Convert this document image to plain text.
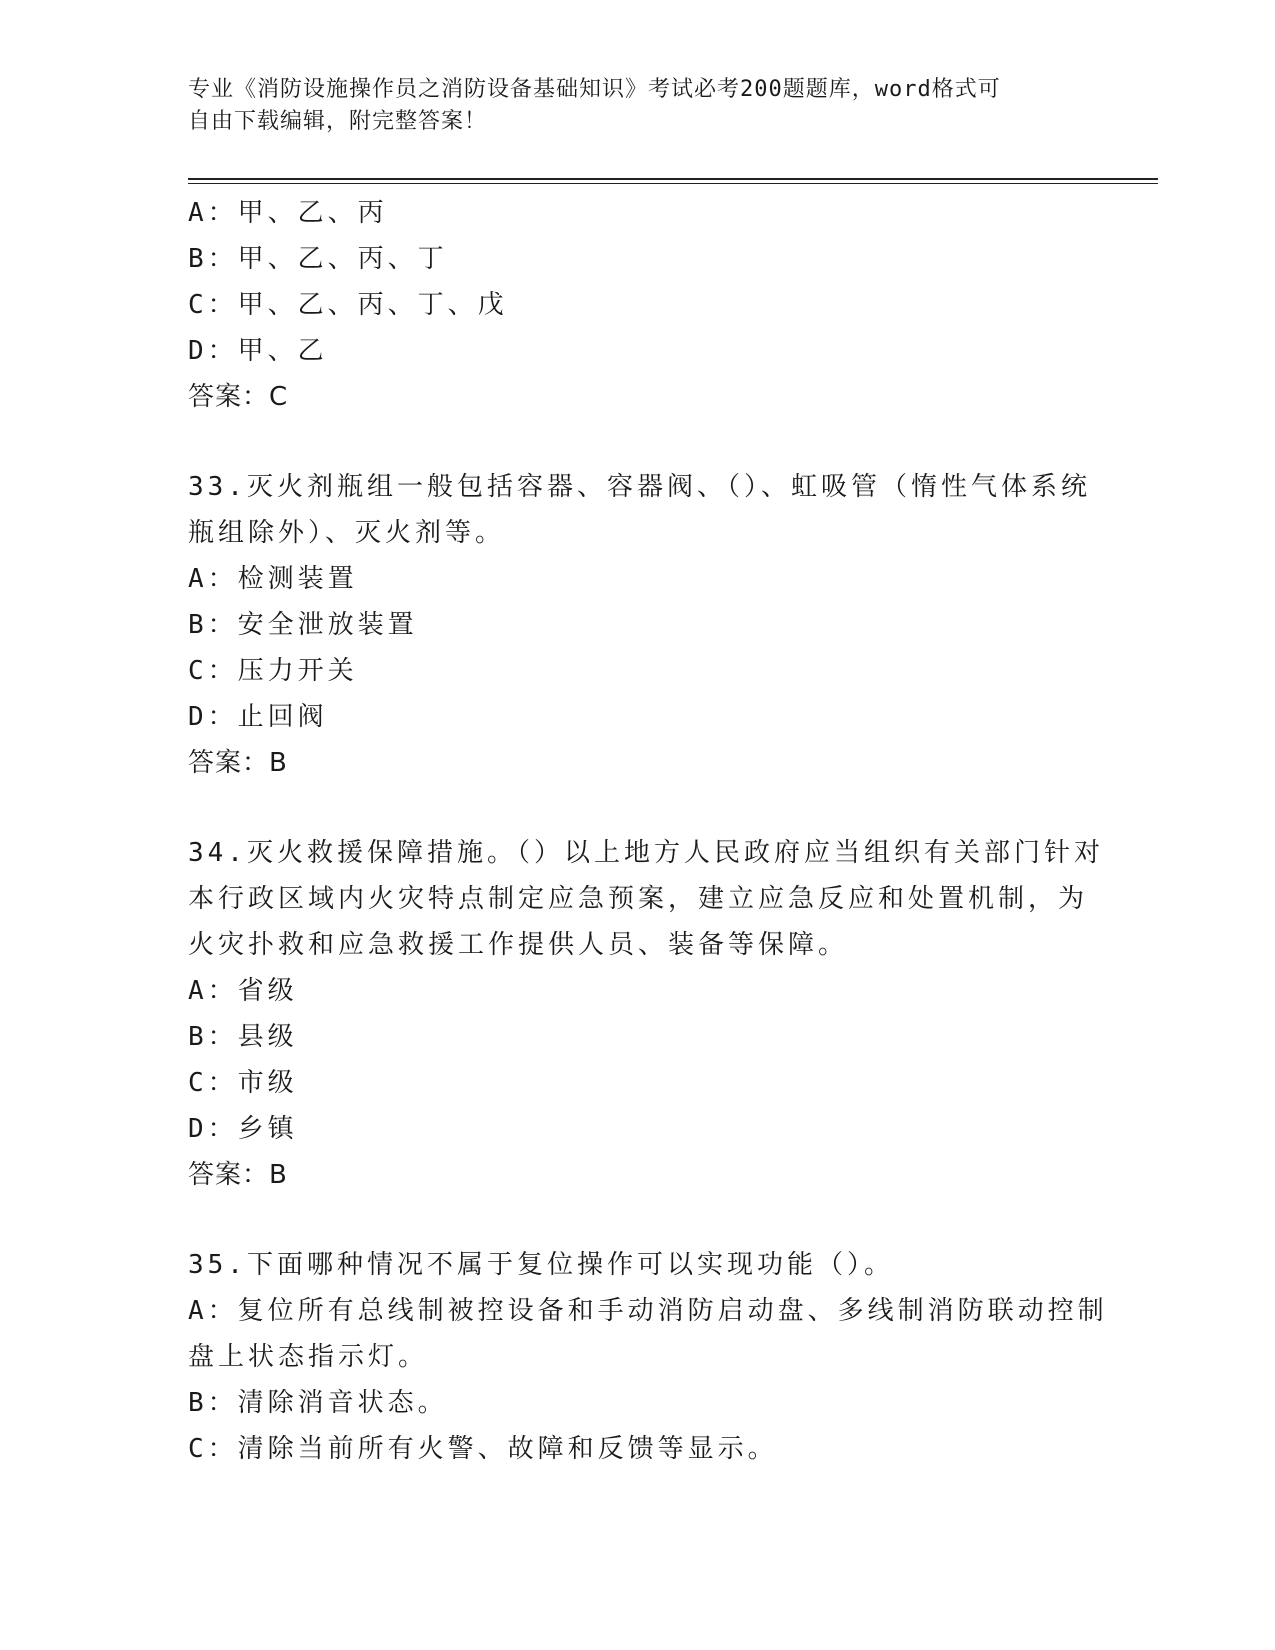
专业《消防设施操作员之消防设备基础知识》考试必考200题题库，word格式可
自由下载编辑，附完整答案！
A：甲、乙、丙
B：甲、乙、丙、丁
C：甲、乙、丙、丁、戊
D：甲、乙
答案：C
33.灭火剂瓶组一般包括容器、容器阀、（）、虹吸管（惰性气体系统
瓶组除外）、灭火剂等。
A：检测装置
B：安全泄放装置
C：压力开关
D：止回阀
答案：B
34.灭火救援保障措施。（）以上地方人民政府应当组织有关部门针对
本行政区域内火灾特点制定应急预案，建立应急反应和处置机制，为
火灾扑救和应急救援工作提供人员、装备等保障。
A：省级
B：县级
C：市级
D：乡镇
答案：B
35.下面哪种情况不属于复位操作可以实现功能（）。
A：复位所有总线制被控设备和手动消防启动盘、多线制消防联动控制
盘上状态指示灯。
B：清除消音状态。
C：清除当前所有火警、故障和反馈等显示。
